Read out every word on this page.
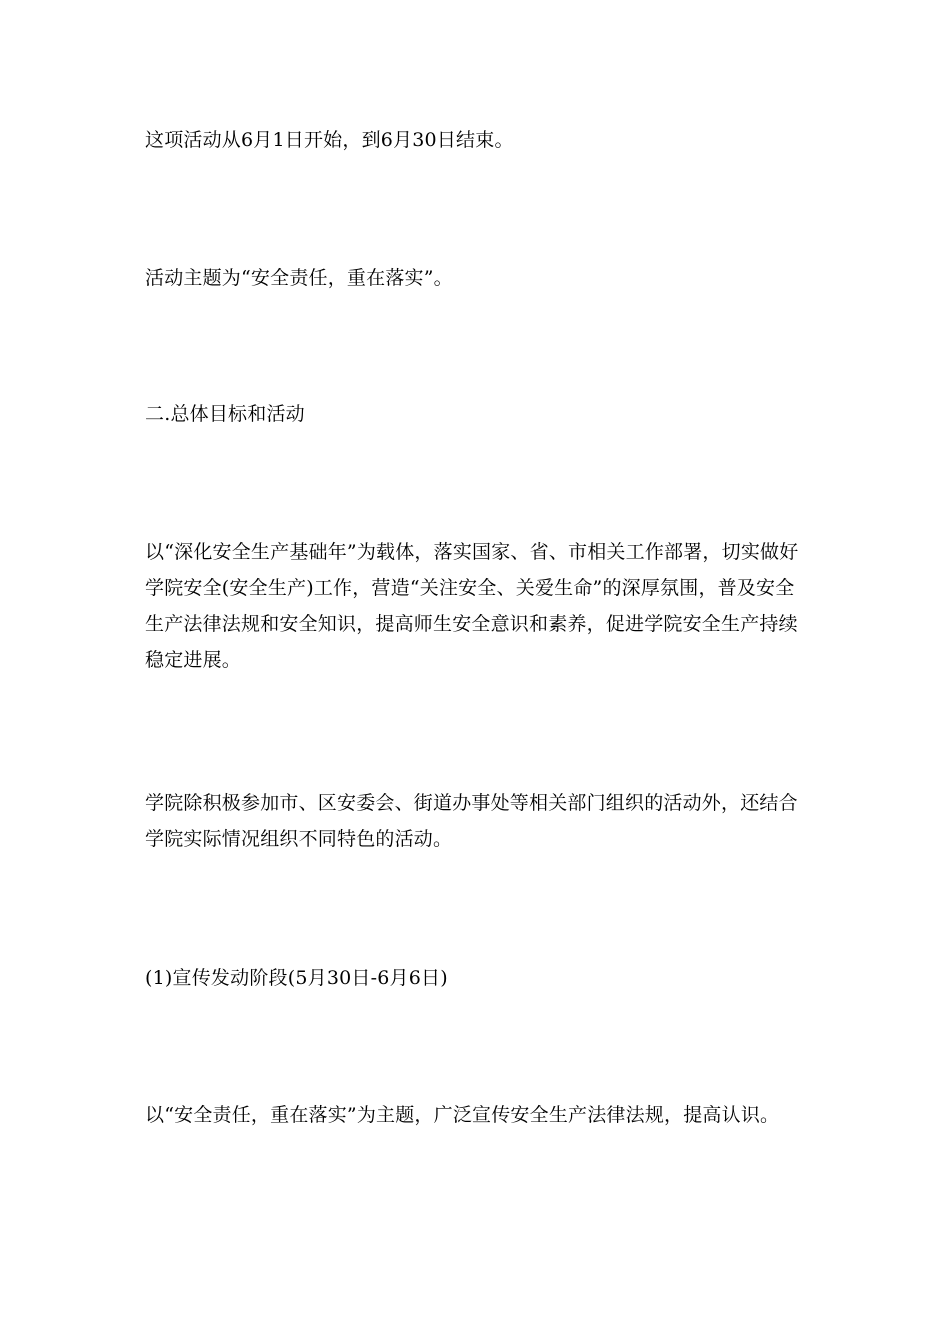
这项活动从6月1日开始，到6月30日结束。

活动主题为“安全责任，重在落实”。

二.总体目标和活动

以“深化安全生产基础年”为载体，落实国家、省、市相关工作部署，切实做好学院安全(安全生产)工作，营造“关注安全、关爱生命”的深厚氛围，普及安全生产法律法规和安全知识，提高师生安全意识和素养，促进学院安全生产持续稳定进展。

学院除积极参加市、区安委会、街道办事处等相关部门组织的活动外，还结合学院实际情况组织不同特色的活动。

(1)宣传发动阶段(5月30日-6月6日)

以“安全责任，重在落实”为主题，广泛宣传安全生产法律法规，提高认识。
